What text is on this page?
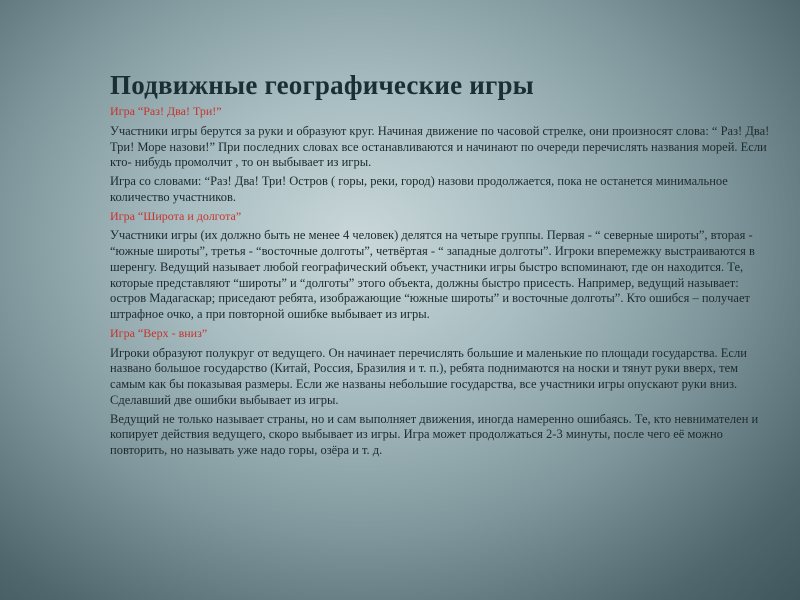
Подвижные географические игры
Игра “Раз! Два! Три!”

Участники игры берутся за руки и образуют круг. Начиная движение по часовой стрелке, они произносят слова: “ Раз! Два! Три! Море назови!” При последних словах все останавливаются и начинают по очереди перечислять названия морей. Если кто- нибудь промолчит , то он выбывает из игры.

Игра со словами: “Раз! Два! Три! Остров ( горы, реки, город) назови продолжается, пока не останется минимальное количество участников.

Игра “Широта и долгота”

Участники игры (их должно быть не менее 4 человек) делятся на четыре группы. Первая - “ северные широты”, вторая - “южные широты”, третья - “восточные долготы”, четвёртая - “ западные долготы”. Игроки вперемежку выстраиваются в шеренгу. Ведущий называет любой географический объект, участники игры быстро вспоминают, где он находится. Те, которые представляют “широты” и “долготы” этого объекта, должны быстро присесть. Например, ведущий называет: остров Мадагаскар; приседают ребята, изображающие “южные широты” и восточные долготы”. Кто ошибся – получает штрафное очко, а при повторной ошибке выбывает из игры.

Игра “Верх - вниз”

Игроки образуют полукруг от ведущего. Он начинает перечислять большие и маленькие по площади государства. Если названо большое государство (Китай, Россия, Бразилия и т. п.), ребята поднимаются на носки и тянут руки вверх, тем самым как бы показывая размеры. Если же названы небольшие государства, все участники игры опускают руки вниз. Сделавший две ошибки выбывает из игры.

Ведущий не только называет страны, но и сам выполняет движения, иногда намеренно ошибаясь. Те, кто невнимателен и копирует действия ведущего, скоро выбывает из игры. Игра может продолжаться 2-3 минуты, после чего её можно повторить, но называть уже надо горы, озёра и т. д.
